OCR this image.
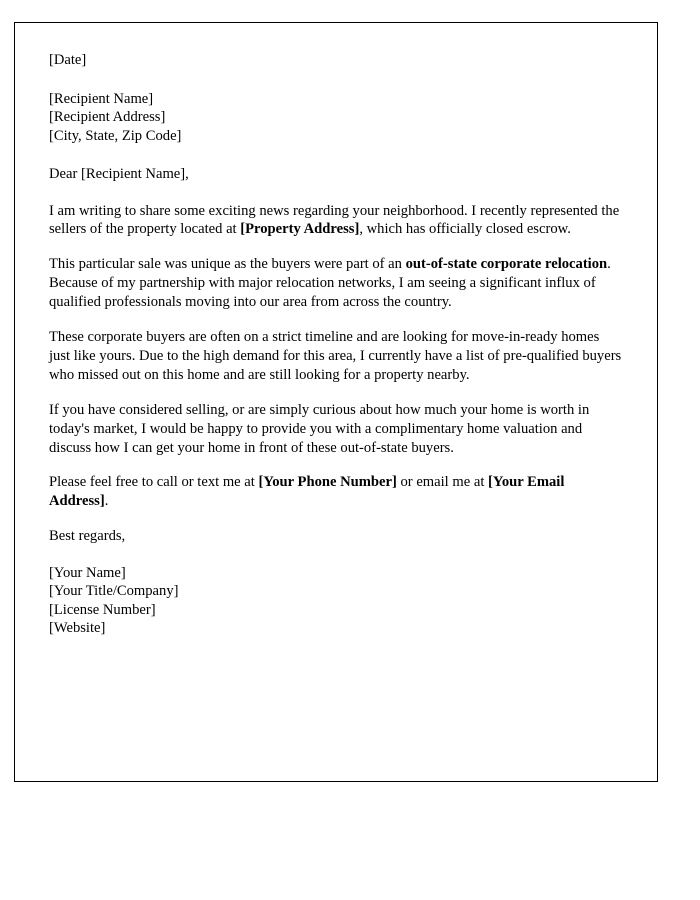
[Date]
[Recipient Name]
[Recipient Address]
[City, State, Zip Code]
Dear [Recipient Name],
I am writing to share some exciting news regarding your neighborhood. I recently represented the sellers of the property located at [Property Address], which has officially closed escrow.
This particular sale was unique as the buyers were part of an out-of-state corporate relocation. Because of my partnership with major relocation networks, I am seeing a significant influx of qualified professionals moving into our area from across the country.
These corporate buyers are often on a strict timeline and are looking for move-in-ready homes just like yours. Due to the high demand for this area, I currently have a list of pre-qualified buyers who missed out on this home and are still looking for a property nearby.
If you have considered selling, or are simply curious about how much your home is worth in today's market, I would be happy to provide you with a complimentary home valuation and discuss how I can get your home in front of these out-of-state buyers.
Please feel free to call or text me at [Your Phone Number] or email me at [Your Email Address].
Best regards,
[Your Name]
[Your Title/Company]
[License Number]
[Website]
